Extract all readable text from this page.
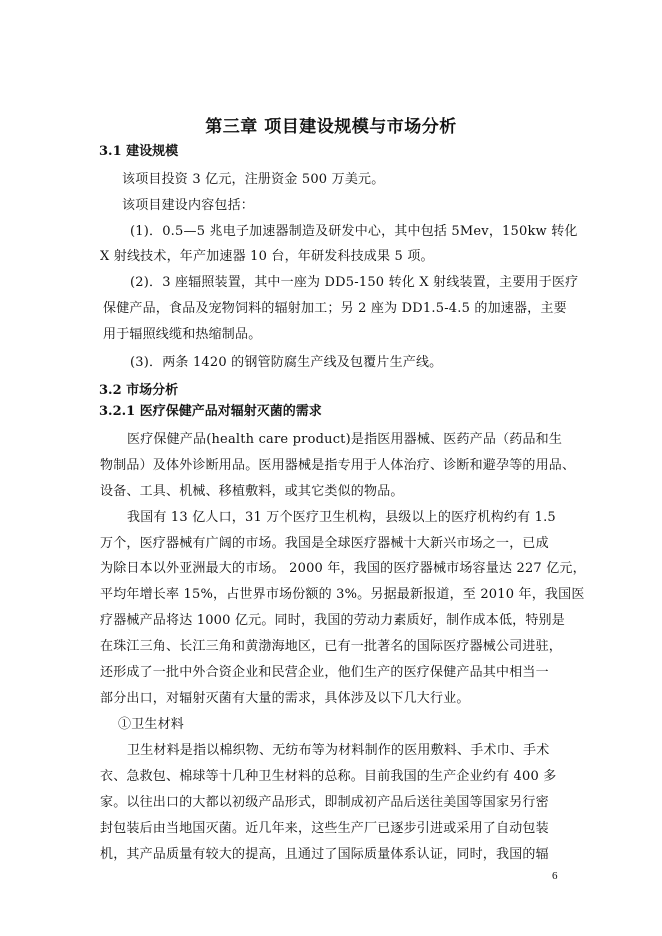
第三章 项目建设规模与市场分析
3.1 建设规模
该项目投资 3 亿元，注册资金 500 万美元。
该项目建设内容包括：
(1)．0.5—5 兆电子加速器制造及研发中心，其中包括 5Mev，150kw 转化
X 射线技术，年产加速器 10 台，年研发科技成果 5 项。
(2)．3 座辐照装置，其中一座为 DD5-150 转化 X 射线装置，主要用于医疗
保健产品，食品及宠物饲料的辐射加工；另 2 座为 DD1.5-4.5 的加速器，主要
用于辐照线缆和热缩制品。
(3)．两条 1420 的钢管防腐生产线及包覆片生产线。
3.2 市场分析
3.2.1 医疗保健产品对辐射灭菌的需求
医疗保健产品(health care product)是指医用器械、医药产品（药品和生
物制品）及体外诊断用品。医用器械是指专用于人体治疗、诊断和避孕等的用品、
设备、工具、机械、移植敷料，或其它类似的物品。
我国有 13 亿人口，31 万个医疗卫生机构，县级以上的医疗机构约有 1.5
万个，医疗器械有广阔的市场。我国是全球医疗器械十大新兴市场之一，已成
为除日本以外亚洲最大的市场。 2000 年，我国的医疗器械市场容量达 227 亿元，
平均年增长率 15%，占世界市场份额的 3%。另据最新报道，至 2010 年，我国医
疗器械产品将达 1000 亿元。同时，我国的劳动力素质好，制作成本低，特别是
在珠江三角、长江三角和黄渤海地区，已有一批著名的国际医疗器械公司进驻，
还形成了一批中外合资企业和民营企业，他们生产的医疗保健产品其中相当一
部分出口，对辐射灭菌有大量的需求，具体涉及以下几大行业。
①卫生材料
卫生材料是指以棉织物、无纺布等为材料制作的医用敷料、手术巾、手术
衣、急救包、棉球等十几种卫生材料的总称。目前我国的生产企业约有 400 多
家。以往出口的大都以初级产品形式，即制成初产品后送往美国等国家另行密
封包装后由当地国灭菌。近几年来，这些生产厂已逐步引进或采用了自动包装
机，其产品质量有较大的提高，且通过了国际质量体系认证，同时，我国的辐
6
